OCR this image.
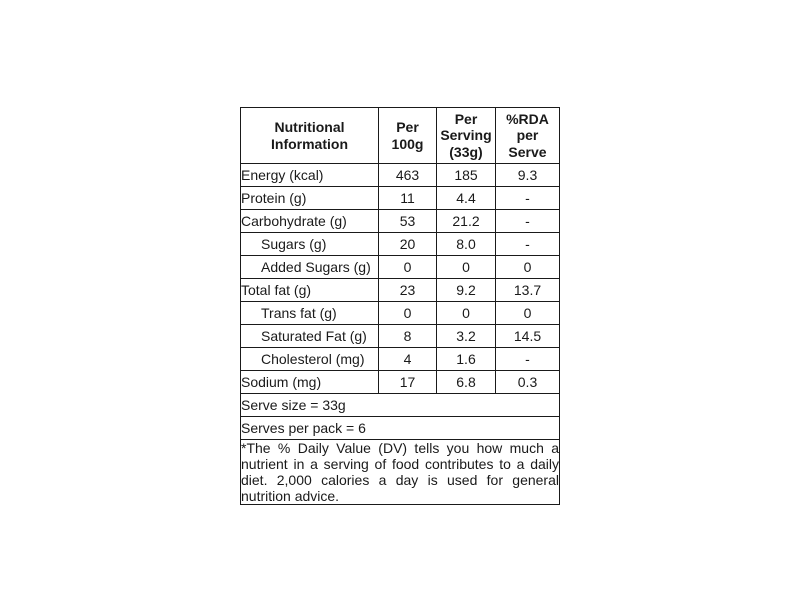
Nutritional Information	Per 100g	Per Serving (33g)	%RDA per Serve
Energy (kcal)	463	185	9.3
Protein (g)	11	4.4	-
Carbohydrate (g)	53	21.2	-
Sugars (g)	20	8.0	-
Added Sugars (g)	0	0	0
Total fat (g)	23	9.2	13.7
Trans fat (g)	0	0	0
Saturated Fat (g)	8	3.2	14.5
Cholesterol (mg)	4	1.6	-
Sodium (mg)	17	6.8	0.3
Serve size = 33g			
Serves per pack = 6			
*The % Daily Value (DV) tells you how much a nutrient in a serving of food contributes to a daily diet. 2,000 calories a day is used for general nutrition advice.			
